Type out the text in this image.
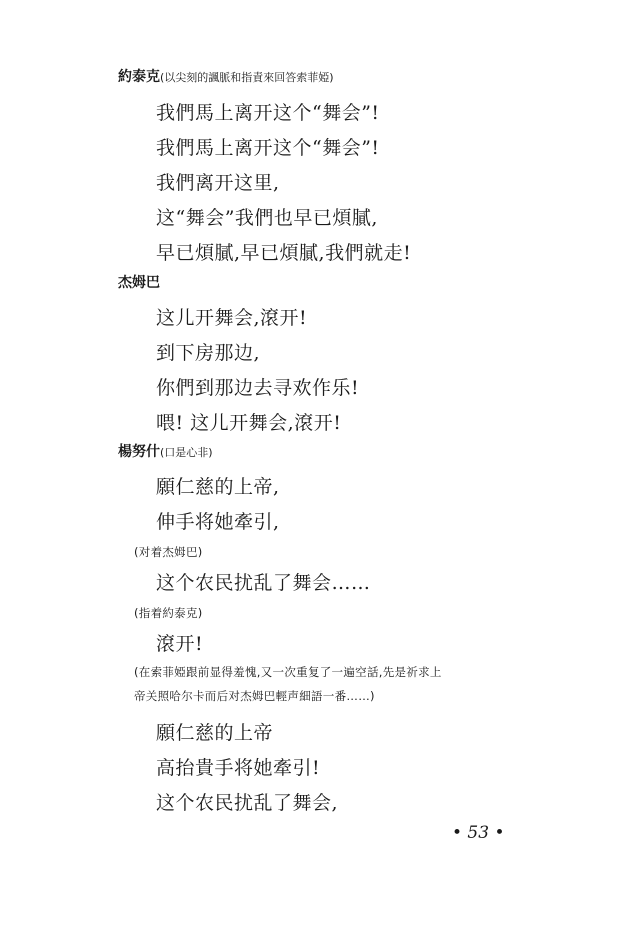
約泰克(以尖刻的諷脈和指責來回答索菲婭)
我們馬上离开这个“舞会”!
我們馬上离开这个“舞会”!
我們离开这里,
这“舞会”我們也早已煩膩,
早已煩膩,早已煩膩,我們就走!
杰姆巴
这儿开舞会,滾开!
到下房那边,
你們到那边去寻欢作乐!
喂! 这儿开舞会,滾开!
楊努什(口是心非)
願仁慈的上帝,
伸手将她牽引,
(对着杰姆巴)
这个农民扰乱了舞会……
(指着約泰克)
滾开!
(在索菲婭跟前显得羞愧,又一次重复了一遍空話,先是祈求上
帝关照哈尔卡而后对杰姆巴輕声細語一番……)
願仁慈的上帝
高抬貴手将她牽引!
这个农民扰乱了舞会,
• 53 •
